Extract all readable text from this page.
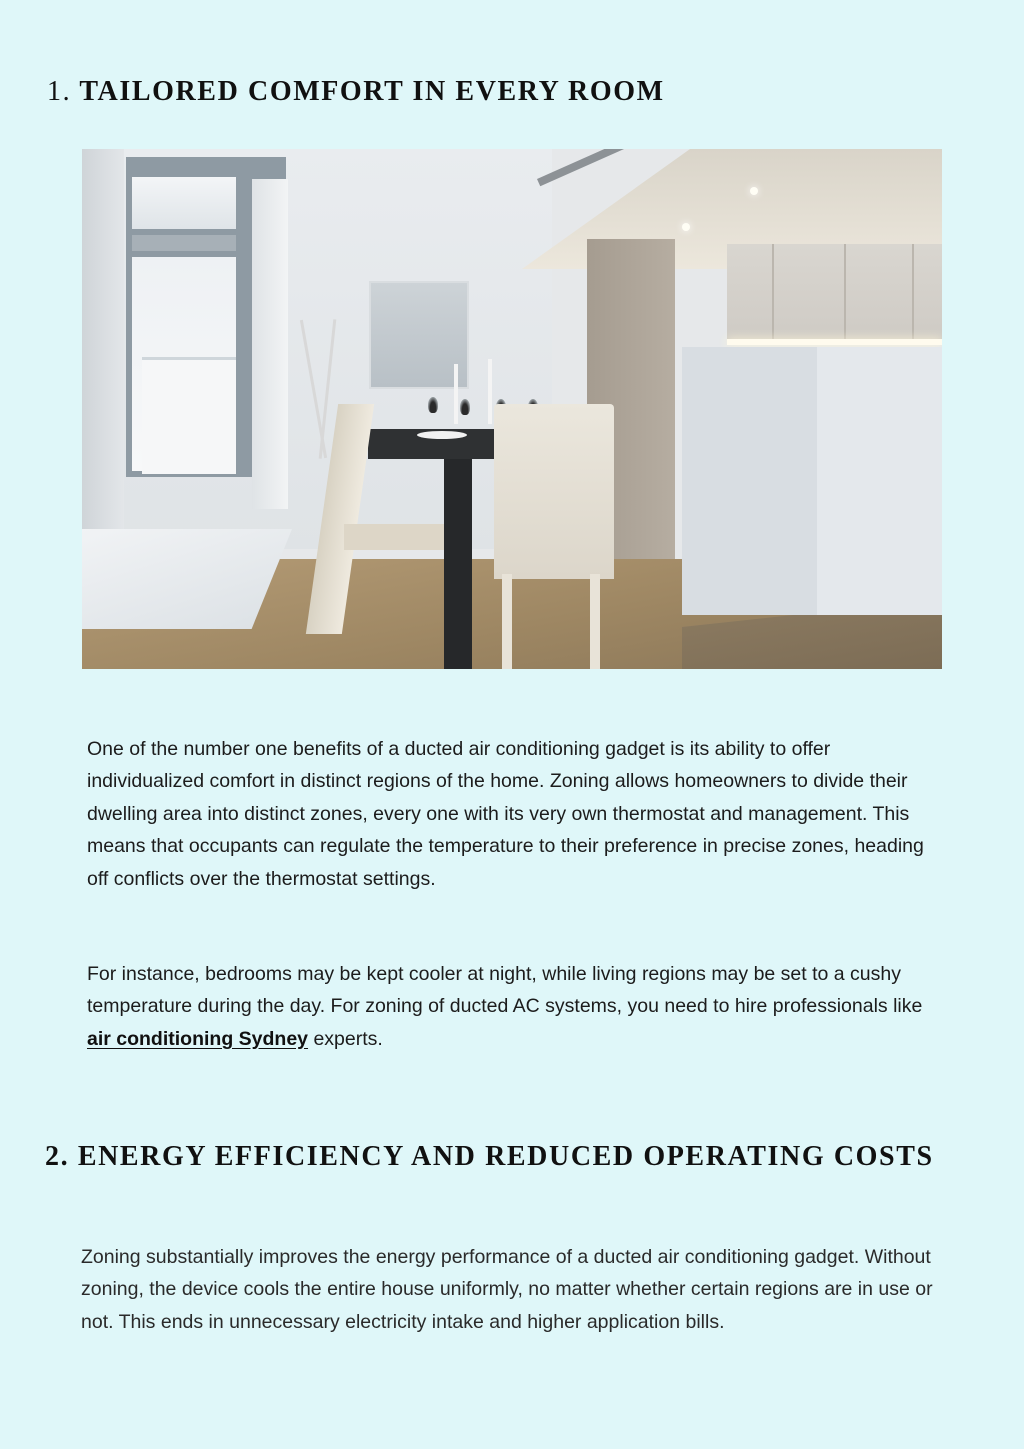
1. TAILORED COMFORT IN EVERY ROOM

One of the number one benefits of a ducted air conditioning gadget is its ability to offer individualized comfort in distinct regions of the home. Zoning allows homeowners to divide their dwelling area into distinct zones, every one with its very own thermostat and management. This means that occupants can regulate the temperature to their preference in precise zones, heading off conflicts over the thermostat settings.

For instance, bedrooms may be kept cooler at night, while living regions may be set to a cushy temperature during the day. For zoning of ducted AC systems, you need to hire professionals like air conditioning Sydney experts.

2. ENERGY EFFICIENCY AND REDUCED OPERATING COSTS

Zoning substantially improves the energy performance of a ducted air conditioning gadget. Without zoning, the device cools the entire house uniformly, no matter whether certain regions are in use or not. This ends in unnecessary electricity intake and higher application bills.
